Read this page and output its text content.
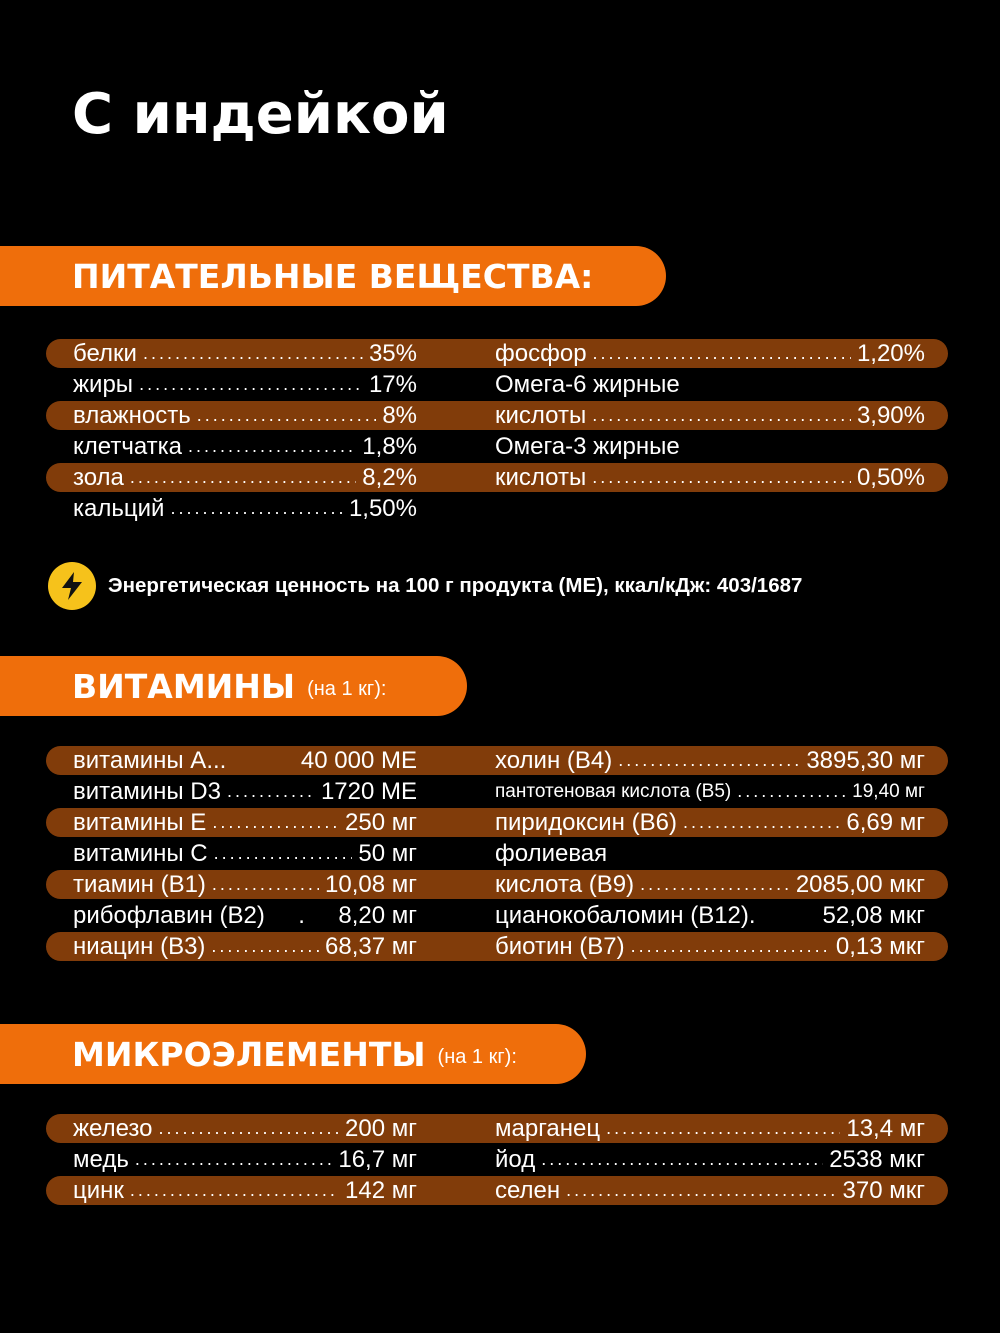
С индейкой
ПИТАТЕЛЬНЫЕ ВЕЩЕСТВА:
белки .....	35%	фосфор .....	1,20%
жиры .....	17%	Омега-6 жирные
влажность .....	8%	кислоты .....	3,90%
клетчатка .....	1,8%	Омега-3 жирные
зола .....	8,2%	кислоты .....	0,50%
кальций .....	1,50%
Энергетическая ценность на 100 г продукта (МЕ), ккал/кДж: 403/1687
ВИТАМИНЫ (на 1 кг):
витамины А...	40 000 МЕ	холин (В4) .....	3895,30 мг
витамины D3 .....	1720 МЕ	пантотеновая кислота (В5) .....	19,40 мг
витамины Е .....	250 мг	пиридоксин (В6) .....	6,69 мг
витамины С .....	50 мг	фолиевая
тиамин (В1) .....	10,08 мг	кислота (В9) .....	2085,00 мкг
рибофлавин (В2)	.	8,20 мг	цианокобаломин (В12).	52,08 мкг
ниацин (В3) .....	68,37 мг	биотин (В7) .....	0,13 мкг
МИКРОЭЛЕМЕНТЫ (на 1 кг):
железо .....	200 мг	марганец .....	13,4 мг
медь .....	16,7 мг	йод .....	2538 мкг
цинк .....	142 мг	селен .....	370 мкг
